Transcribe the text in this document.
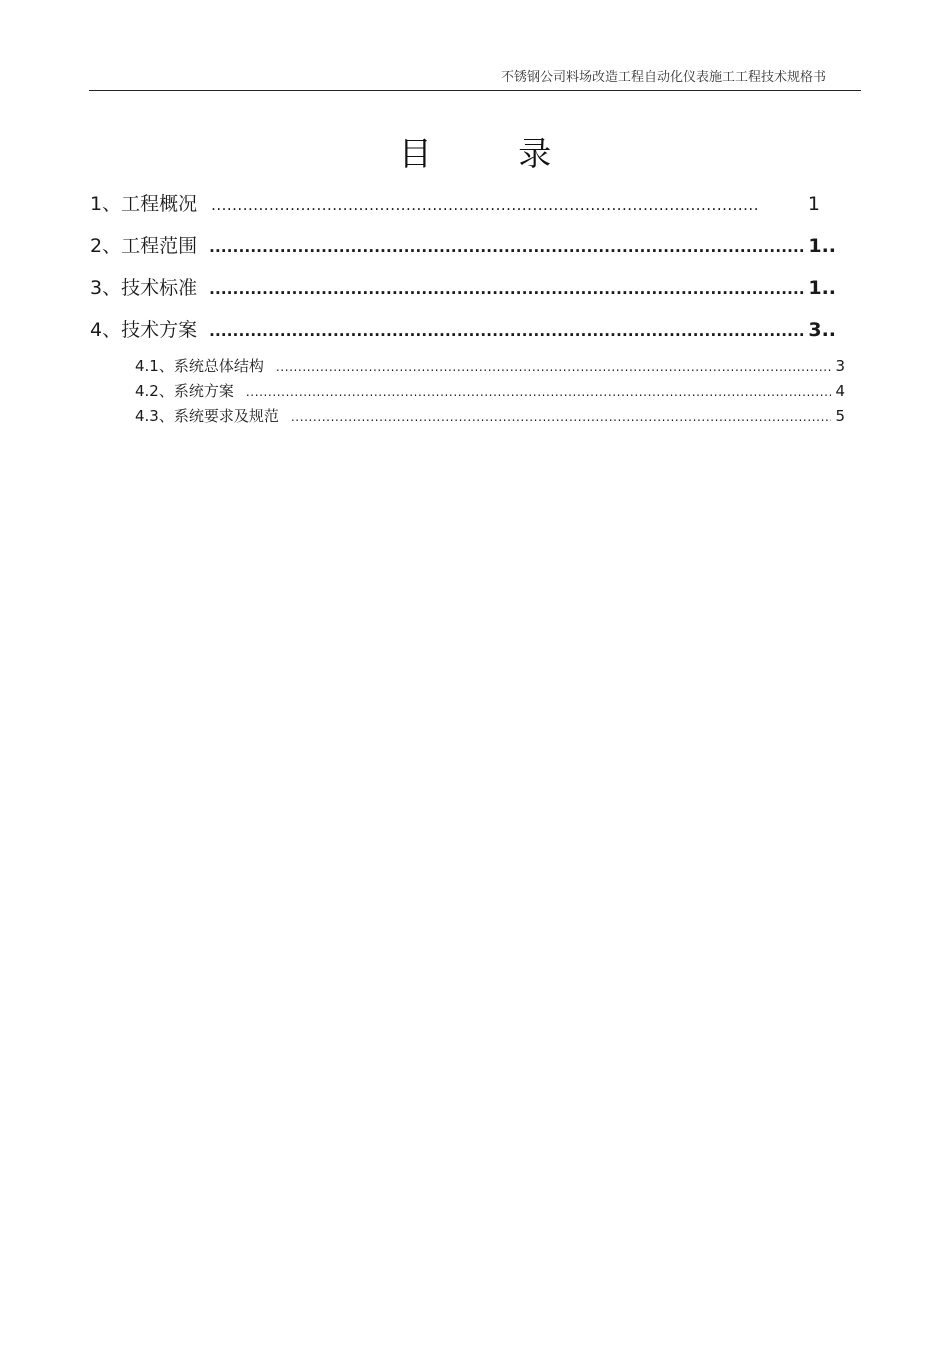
不锈钢公司料场改造工程自动化仪表施工工程技术规格书
目 录
1、工程概况 .....	1
2、工程范围 .....	1..
3、技术标准 .....	1..
4、技术方案 .....	3..
4.1、系统总体结构 .....	3
4.2、系统方案 .....	4
4.3、系统要求及规范 .....	5
